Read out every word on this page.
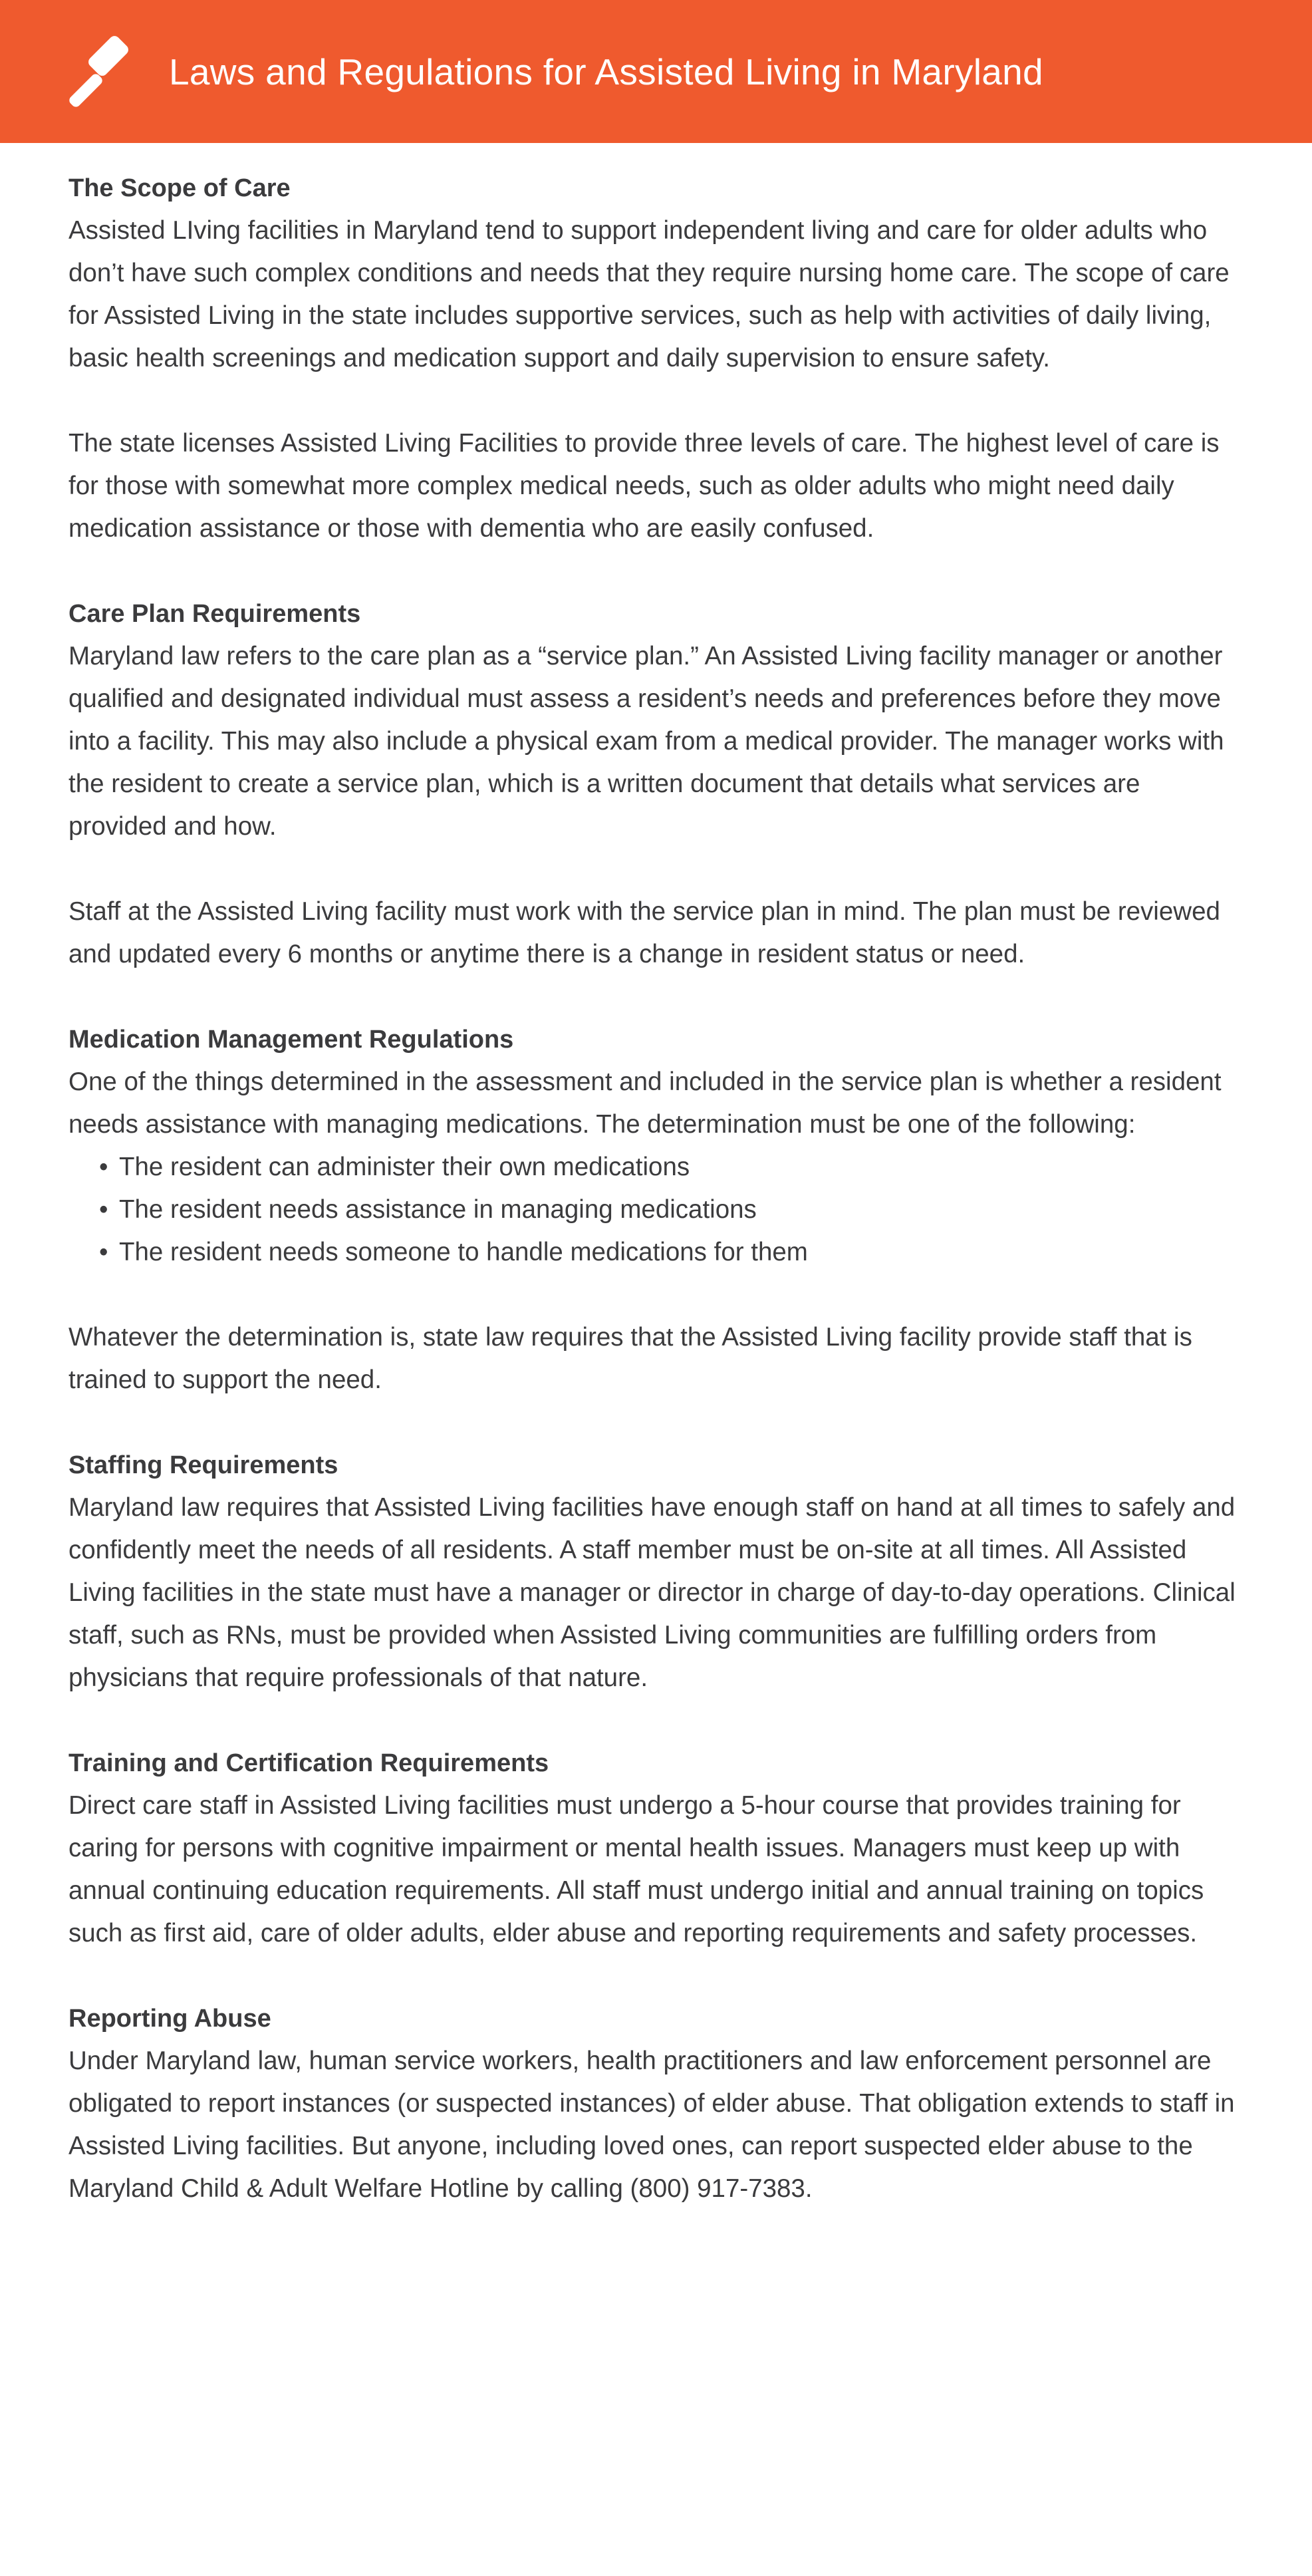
Laws and Regulations for Assisted Living in Maryland
The Scope of Care

Assisted LIving facilities in Maryland tend to support independent living and care for older adults who don’t have such complex conditions and needs that they require nursing home care. The scope of care for Assisted Living in the state includes supportive services, such as help with activities of daily living, basic health screenings and medication support and daily supervision to ensure safety.

The state licenses Assisted Living Facilities to provide three levels of care. The highest level of care is for those with somewhat more complex medical needs, such as older adults who might need daily medication assistance or those with dementia who are easily confused.

Care Plan Requirements

Maryland law refers to the care plan as a “service plan.” An Assisted Living facility manager or another qualified and designated individual must assess a resident’s needs and preferences before they move into a facility. This may also include a physical exam from a medical provider. The manager works with the resident to create a service plan, which is a written document that details what services are provided and how.

Staff at the Assisted Living facility must work with the service plan in mind. The plan must be reviewed and updated every 6 months or anytime there is a change in resident status or need.

Medication Management Regulations

One of the things determined in the assessment and included in the service plan is whether a resident needs assistance with managing medications. The determination must be one of the following:

• The resident can administer their own medications
• The resident needs assistance in managing medications
• The resident needs someone to handle medications for them

Whatever the determination is, state law requires that the Assisted Living facility provide staff that is trained to support the need.

Staffing Requirements

Maryland law requires that Assisted Living facilities have enough staff on hand at all times to safely and confidently meet the needs of all residents. A staff member must be on-site at all times. All Assisted Living facilities in the state must have a manager or director in charge of day-to-day operations. Clinical staff, such as RNs, must be provided when Assisted Living communities are fulfilling orders from physicians that require professionals of that nature.

Training and Certification Requirements

Direct care staff in Assisted Living facilities must undergo a 5-hour course that provides training for caring for persons with cognitive impairment or mental health issues. Managers must keep up with annual continuing education requirements. All staff must undergo initial and annual training on topics such as first aid, care of older adults, elder abuse and reporting requirements and safety processes.

Reporting Abuse

Under Maryland law, human service workers, health practitioners and law enforcement personnel are obligated to report instances (or suspected instances) of elder abuse. That obligation extends to staff in Assisted Living facilities. But anyone, including loved ones, can report suspected elder abuse to the Maryland Child & Adult Welfare Hotline by calling (800) 917-7383.
